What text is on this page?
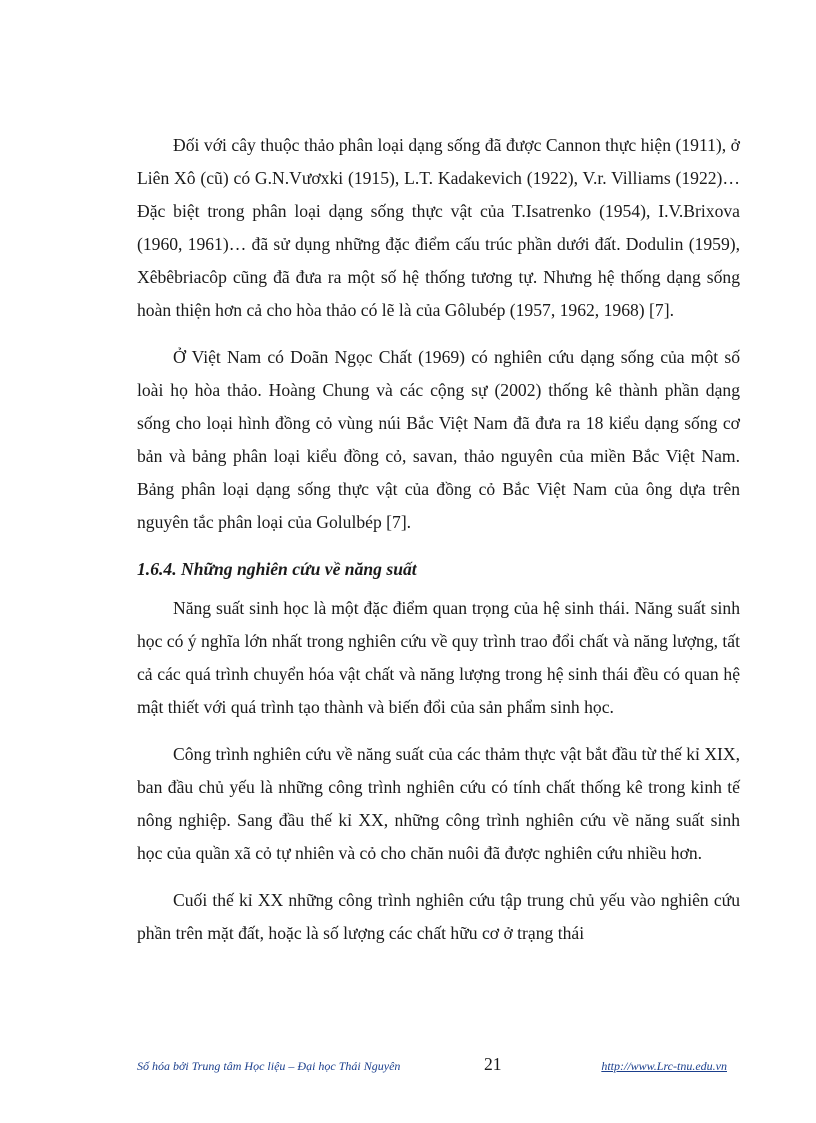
Đối với cây thuộc thảo phân loại dạng sống đã được Cannon thực hiện (1911), ở Liên Xô (cũ) có G.N.Vươxki (1915), L.T. Kadakevich (1922), V.r. Villiams (1922)…Đặc biệt trong phân loại dạng sống thực vật của T.Isatrenko (1954), I.V.Brixova (1960, 1961)… đã sử dụng những đặc điểm cấu trúc phần dưới đất. Dodulin (1959), Xêbêbriacôp cũng đã đưa ra một số hệ thống tương tự. Nhưng hệ thống dạng sống hoàn thiện hơn cả cho hòa thảo có lẽ là của Gôlubép (1957, 1962, 1968) [7].

Ở Việt Nam có Doãn Ngọc Chất (1969) có nghiên cứu dạng sống của một số loài họ hòa thảo. Hoàng Chung và các cộng sự (2002) thống kê thành phần dạng sống cho loại hình đồng cỏ vùng núi Bắc Việt Nam đã đưa ra 18 kiểu dạng sống cơ bản và bảng phân loại kiểu đồng cỏ, savan, thảo nguyên của miền Bắc Việt Nam. Bảng phân loại dạng sống thực vật của đồng cỏ Bắc Việt Nam của ông dựa trên nguyên tắc phân loại của Golulbép [7].

1.6.4. Những nghiên cứu về năng suất

Năng suất sinh học là một đặc điểm quan trọng của hệ sinh thái. Năng suất sinh học có ý nghĩa lớn nhất trong nghiên cứu về quy trình trao đổi chất và năng lượng, tất cả các quá trình chuyển hóa vật chất và năng lượng trong hệ sinh thái đều có quan hệ mật thiết với quá trình tạo thành và biến đổi của sản phẩm sinh học.

Công trình nghiên cứu về năng suất của các thảm thực vật bắt đầu từ thế kỉ XIX, ban đầu chủ yếu là những công trình nghiên cứu có tính chất thống kê trong kinh tế nông nghiệp. Sang đầu thế kỉ XX, những công trình nghiên cứu về năng suất sinh học của quần xã cỏ tự nhiên và cỏ cho chăn nuôi đã được nghiên cứu nhiều hơn.

Cuối thế kỉ XX những công trình nghiên cứu tập trung chủ yếu vào nghiên cứu phần trên mặt đất, hoặc là số lượng các chất hữu cơ ở trạng thái

Số hóa bởi Trung tâm Học liệu – Đại học Thái Nguyên	21	http://www.Lrc-tnu.edu.vn
